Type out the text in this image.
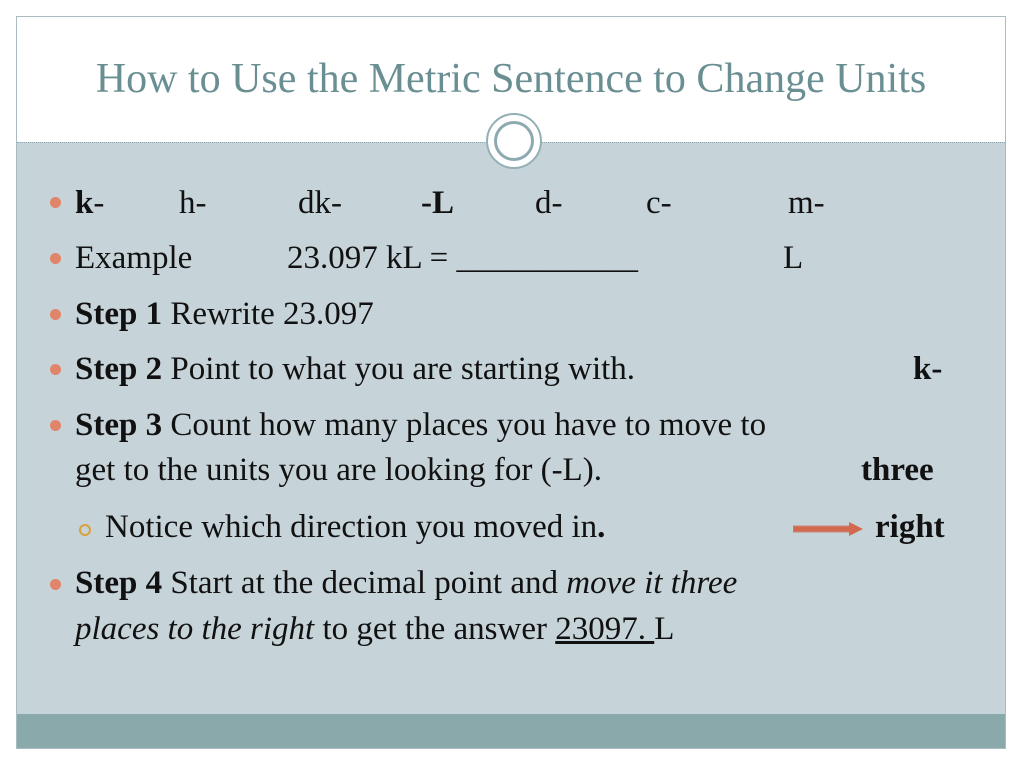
How to Use the Metric Sentence to Change Units
k- h-	dk- -L d-	c-	m-
Example	23.097 kL = ___________	L
Step 1 Rewrite 23.097
Step 2 Point to what you are starting with.	k-
Step 3 Count how many places you have to move to
get to the units you are looking for (-L).	three
Notice which direction you moved in.	right
Step 4 Start at the decimal point and move it three
places to the right to get the answer 23097. L
